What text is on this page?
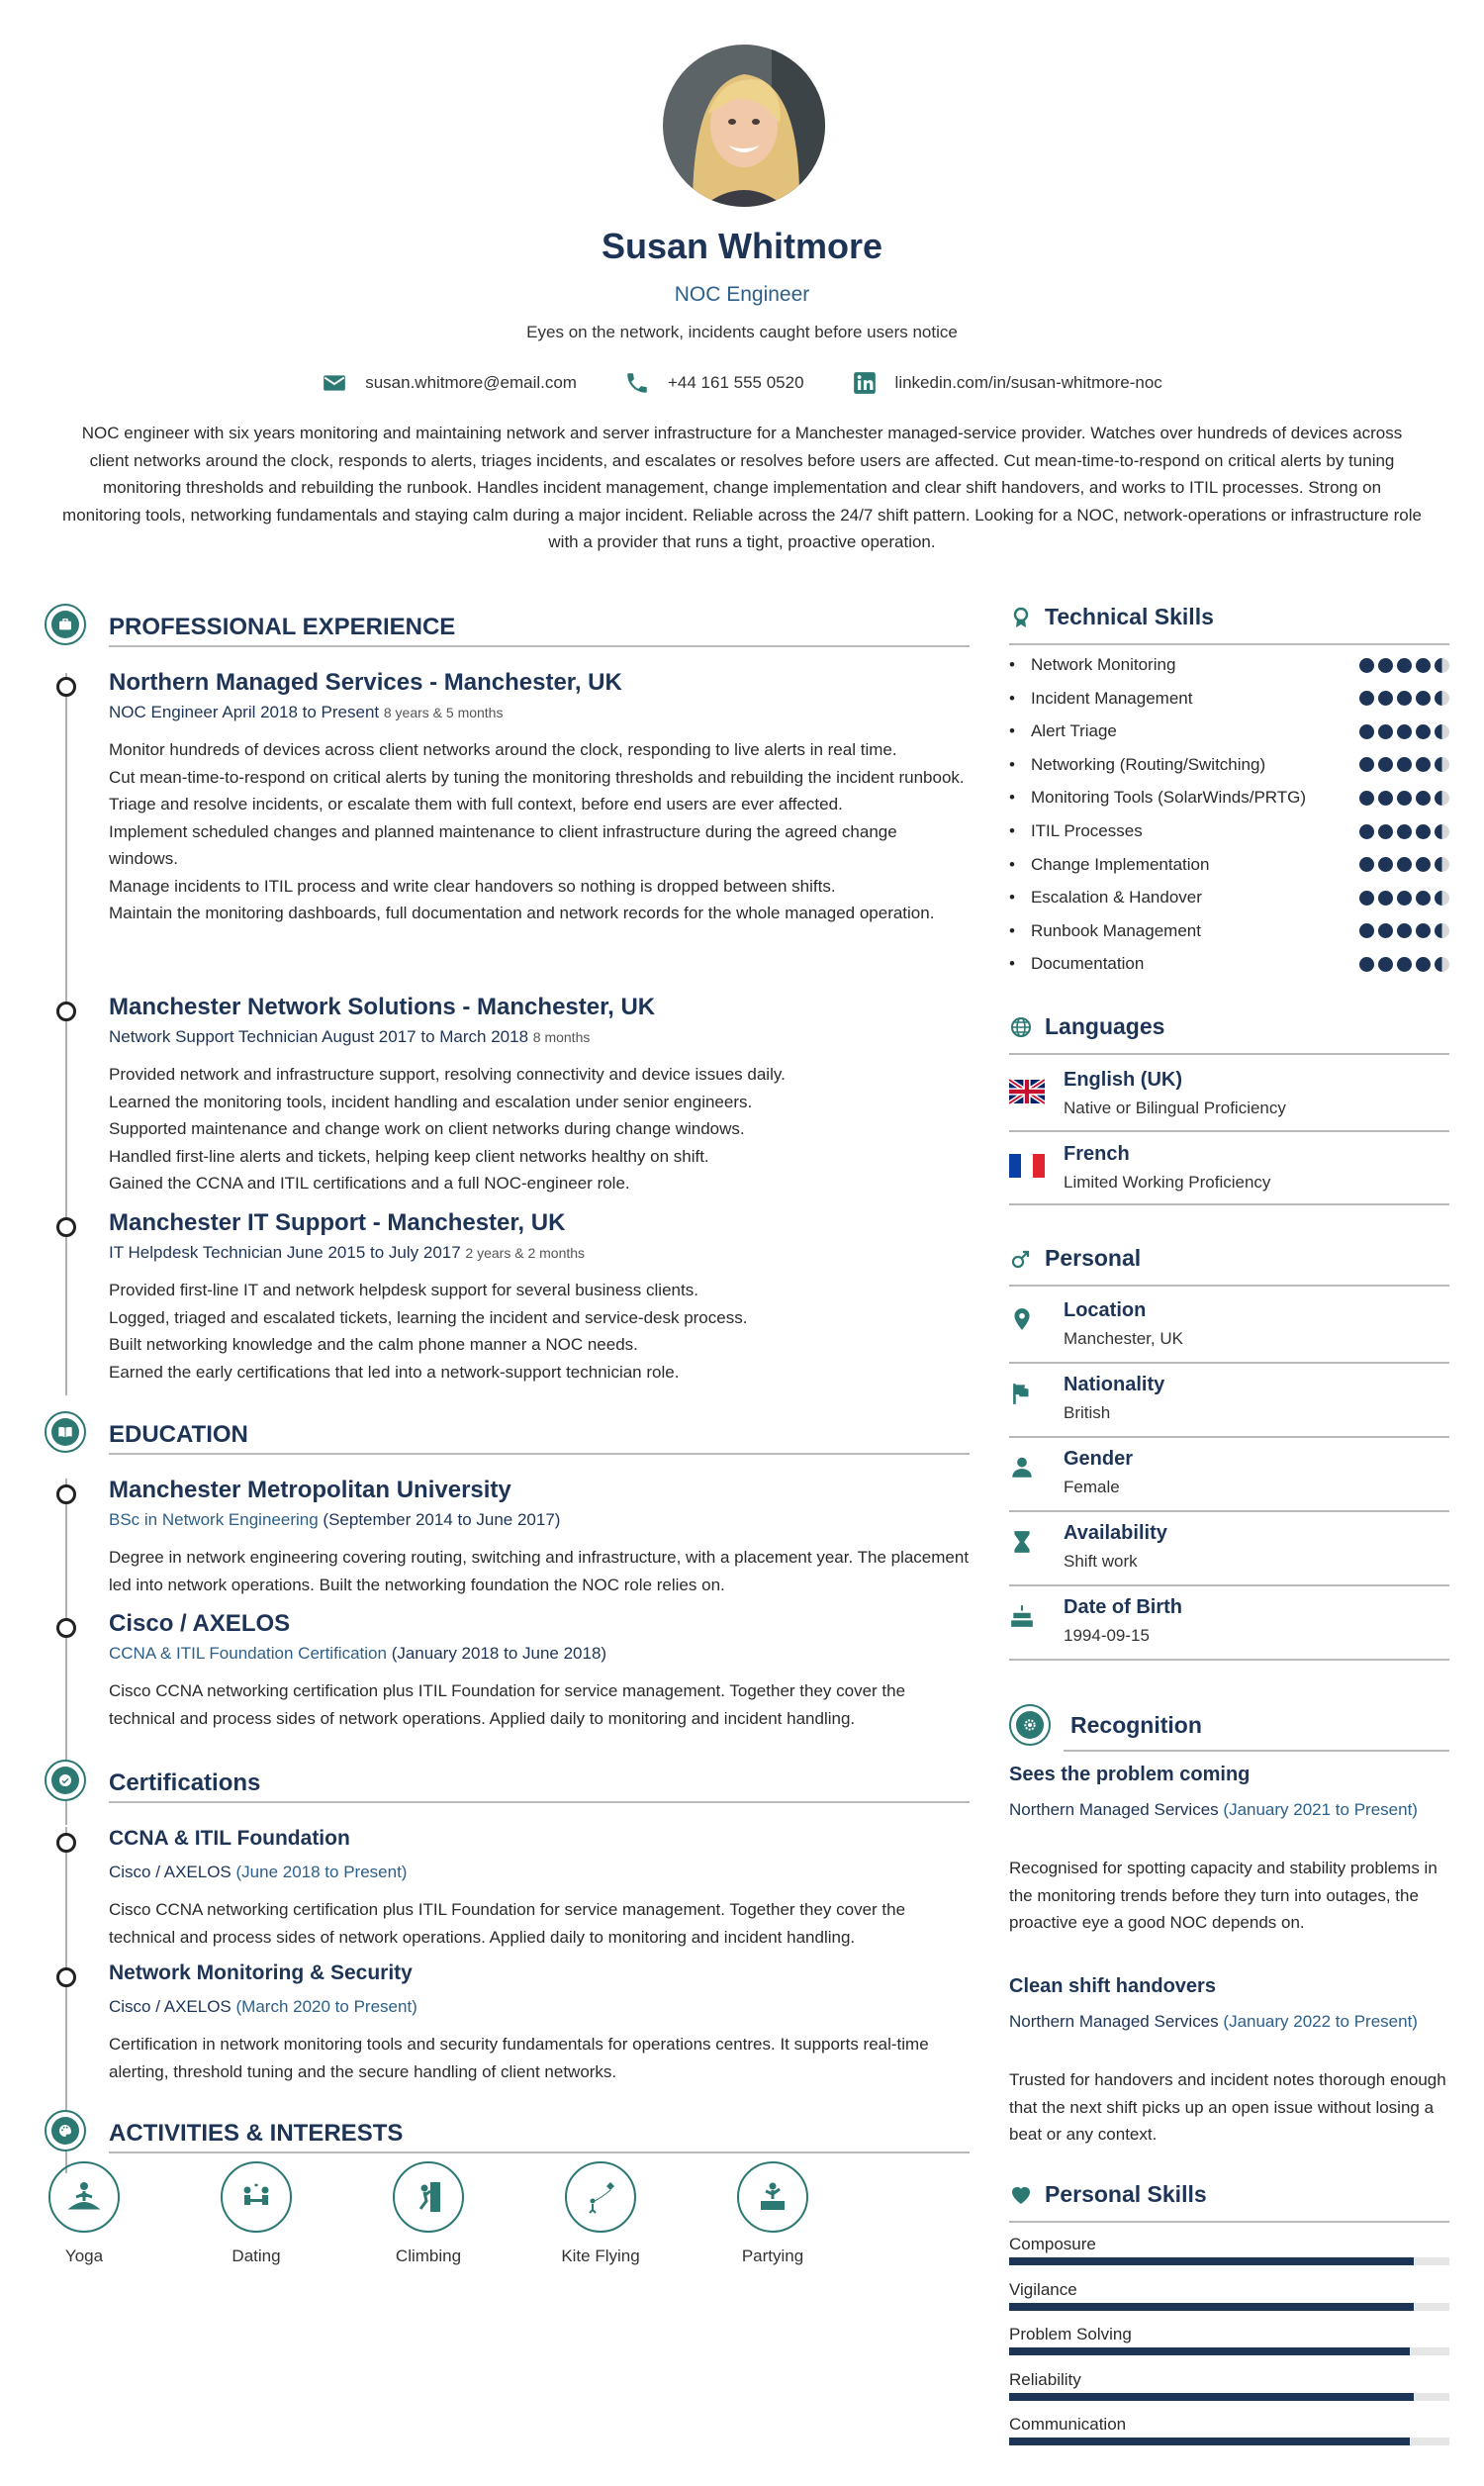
Susan Whitmore
NOC Engineer
Eyes on the network, incidents caught before users notice
susan.whitmore@email.com	+44 161 555 0520	linkedin.com/in/susan-whitmore-noc
NOC engineer with six years monitoring and maintaining network and server infrastructure for a Manchester managed-service provider. Watches over hundreds of devices across client networks around the clock, responds to alerts, triages incidents, and escalates or resolves before users are affected. Cut mean-time-to-respond on critical alerts by tuning monitoring thresholds and rebuilding the runbook. Handles incident management, change implementation and clear shift handovers, and works to ITIL processes. Strong on monitoring tools, networking fundamentals and staying calm during a major incident. Reliable across the 24/7 shift pattern. Looking for a NOC, network-operations or infrastructure role with a provider that runs a tight, proactive operation.
PROFESSIONAL EXPERIENCE
Northern Managed Services - Manchester, UK
NOC Engineer April 2018 to Present 8 years & 5 months
Monitor hundreds of devices across client networks around the clock, responding to live alerts in real time.
Cut mean-time-to-respond on critical alerts by tuning the monitoring thresholds and rebuilding the incident runbook.
Triage and resolve incidents, or escalate them with full context, before end users are ever affected.
Implement scheduled changes and planned maintenance to client infrastructure during the agreed change windows.
Manage incidents to ITIL process and write clear handovers so nothing is dropped between shifts.
Maintain the monitoring dashboards, full documentation and network records for the whole managed operation.
Manchester Network Solutions - Manchester, UK
Network Support Technician August 2017 to March 2018 8 months
Provided network and infrastructure support, resolving connectivity and device issues daily.
Learned the monitoring tools, incident handling and escalation under senior engineers.
Supported maintenance and change work on client networks during change windows.
Handled first-line alerts and tickets, helping keep client networks healthy on shift.
Gained the CCNA and ITIL certifications and a full NOC-engineer role.
Manchester IT Support - Manchester, UK
IT Helpdesk Technician June 2015 to July 2017 2 years & 2 months
Provided first-line IT and network helpdesk support for several business clients.
Logged, triaged and escalated tickets, learning the incident and service-desk process.
Built networking knowledge and the calm phone manner a NOC needs.
Earned the early certifications that led into a network-support technician role.
EDUCATION
Manchester Metropolitan University
BSc in Network Engineering (September 2014 to June 2017)
Degree in network engineering covering routing, switching and infrastructure, with a placement year. The placement led into network operations. Built the networking foundation the NOC role relies on.
Cisco / AXELOS
CCNA & ITIL Foundation Certification (January 2018 to June 2018)
Cisco CCNA networking certification plus ITIL Foundation for service management. Together they cover the technical and process sides of network operations. Applied daily to monitoring and incident handling.
Certifications
CCNA & ITIL Foundation
Cisco / AXELOS (June 2018 to Present)
Cisco CCNA networking certification plus ITIL Foundation for service management. Together they cover the technical and process sides of network operations. Applied daily to monitoring and incident handling.
Network Monitoring & Security
Cisco / AXELOS (March 2020 to Present)
Certification in network monitoring tools and security fundamentals for operations centres. It supports real-time alerting, threshold tuning and the secure handling of client networks.
ACTIVITIES & INTERESTS
Yoga	Dating	Climbing	Kite Flying	Partying
Technical Skills
• Network Monitoring
• Incident Management
• Alert Triage
• Networking (Routing/Switching)
• Monitoring Tools (SolarWinds/PRTG)
• ITIL Processes
• Change Implementation
• Escalation & Handover
• Runbook Management
• Documentation
Languages
English (UK)
Native or Bilingual Proficiency
French
Limited Working Proficiency
Personal
Location
Manchester, UK
Nationality
British
Gender
Female
Availability
Shift work
Date of Birth
1994-09-15
Recognition
Sees the problem coming
Northern Managed Services (January 2021 to Present)
Recognised for spotting capacity and stability problems in the monitoring trends before they turn into outages, the proactive eye a good NOC depends on.
Clean shift handovers
Northern Managed Services (January 2022 to Present)
Trusted for handovers and incident notes thorough enough that the next shift picks up an open issue without losing a beat or any context.
Personal Skills
Composure
Vigilance
Problem Solving
Reliability
Communication
